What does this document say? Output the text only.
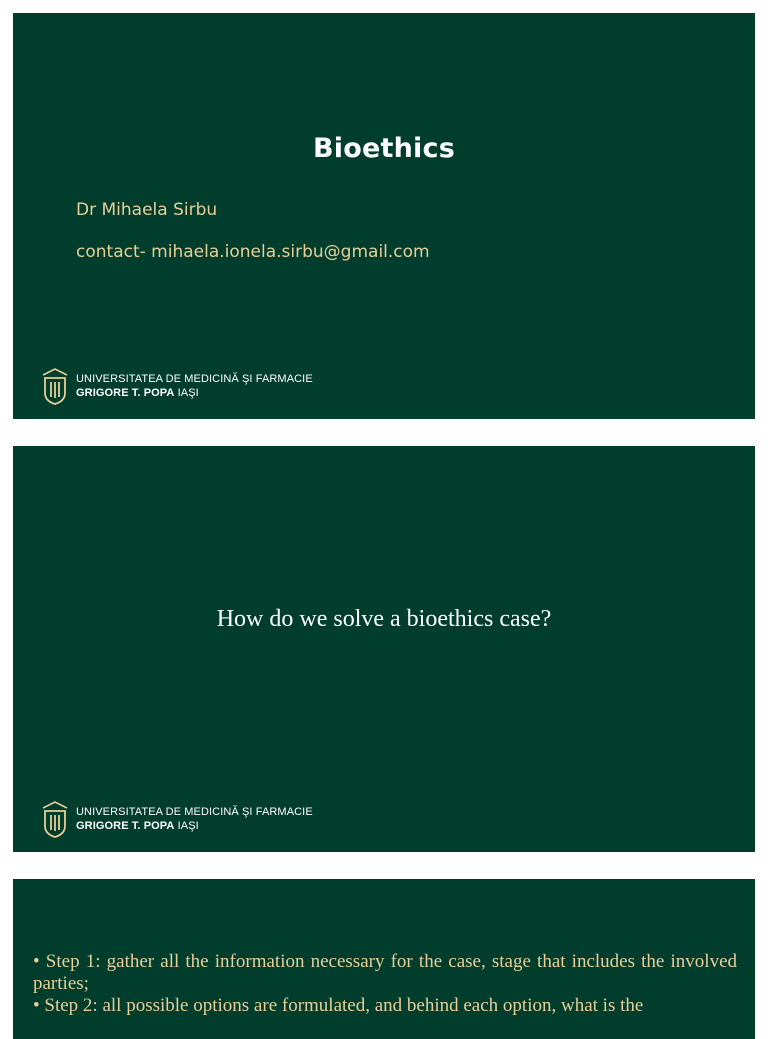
Bioethics
Dr Mihaela Sirbu
contact- mihaela.ionela.sirbu@gmail.com
UNIVERSITATEA DE MEDICINĂ ŞI FARMACIE
GRIGORE T. POPA IAŞI
How do we solve a bioethics case?
UNIVERSITATEA DE MEDICINĂ ŞI FARMACIE
GRIGORE T. POPA IAŞI

• Step 1: gather all the information necessary for the case, stage that includes the involved parties;

• Step 2: all possible options are formulated, and behind each option, what is the
